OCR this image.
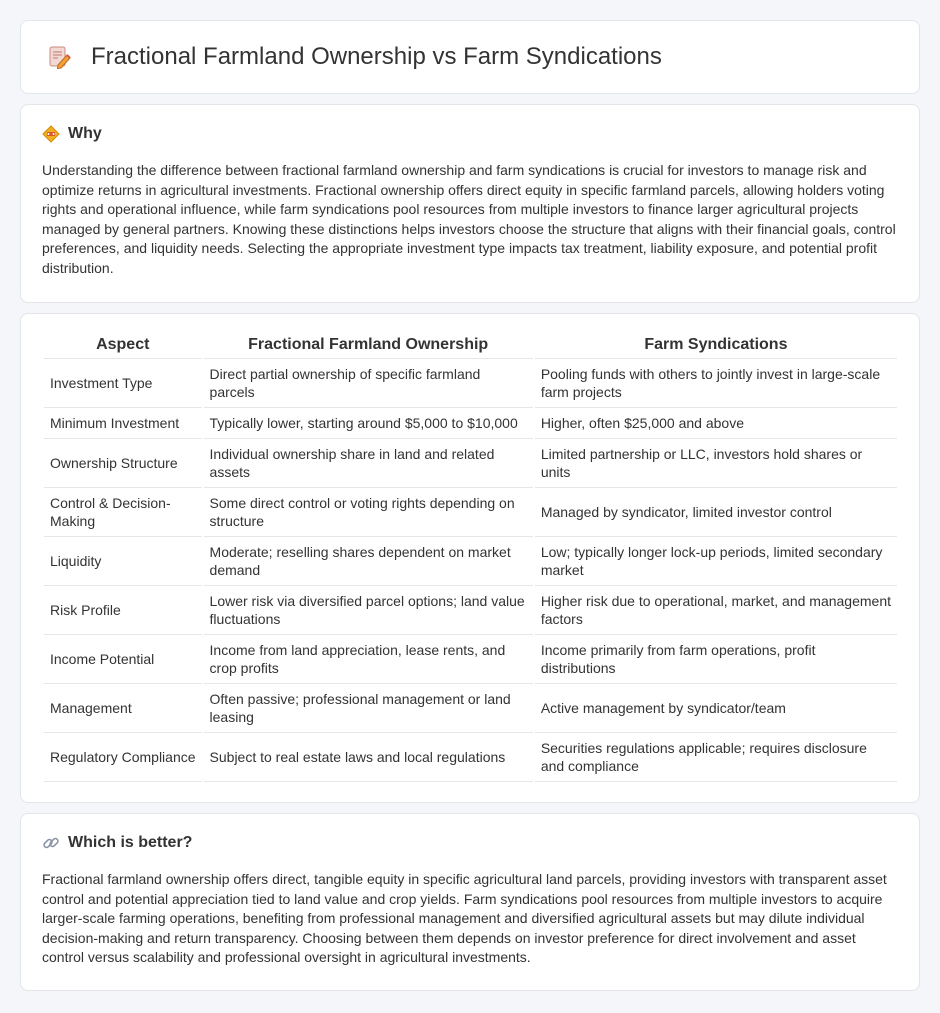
Fractional Farmland Ownership vs Farm Syndications
Why

Understanding the difference between fractional farmland ownership and farm syndications is crucial for investors to manage risk and optimize returns in agricultural investments. Fractional ownership offers direct equity in specific farmland parcels, allowing holders voting rights and operational influence, while farm syndications pool resources from multiple investors to finance larger agricultural projects managed by general partners. Knowing these distinctions helps investors choose the structure that aligns with their financial goals, control preferences, and liquidity needs. Selecting the appropriate investment type impacts tax treatment, liability exposure, and potential profit distribution.

Aspect	Fractional Farmland Ownership	Farm Syndications
Investment Type	Direct partial ownership of specific farmland parcels	Pooling funds with others to jointly invest in large-scale farm projects
Minimum Investment	Typically lower, starting around $5,000 to $10,000	Higher, often $25,000 and above
Ownership Structure	Individual ownership share in land and related assets	Limited partnership or LLC, investors hold shares or units
Control & Decision-Making	Some direct control or voting rights depending on structure	Managed by syndicator, limited investor control
Liquidity	Moderate; reselling shares dependent on market demand	Low; typically longer lock-up periods, limited secondary market
Risk Profile	Lower risk via diversified parcel options; land value fluctuations	Higher risk due to operational, market, and management factors
Income Potential	Income from land appreciation, lease rents, and crop profits	Income primarily from farm operations, profit distributions
Management	Often passive; professional management or land leasing	Active management by syndicator/team
Regulatory Compliance	Subject to real estate laws and local regulations	Securities regulations applicable; requires disclosure and compliance
Which is better?

Fractional farmland ownership offers direct, tangible equity in specific agricultural land parcels, providing investors with transparent asset control and potential appreciation tied to land value and crop yields. Farm syndications pool resources from multiple investors to acquire larger-scale farming operations, benefiting from professional management and diversified agricultural assets but may dilute individual decision-making and return transparency. Choosing between them depends on investor preference for direct involvement and asset control versus scalability and professional oversight in agricultural investments.
